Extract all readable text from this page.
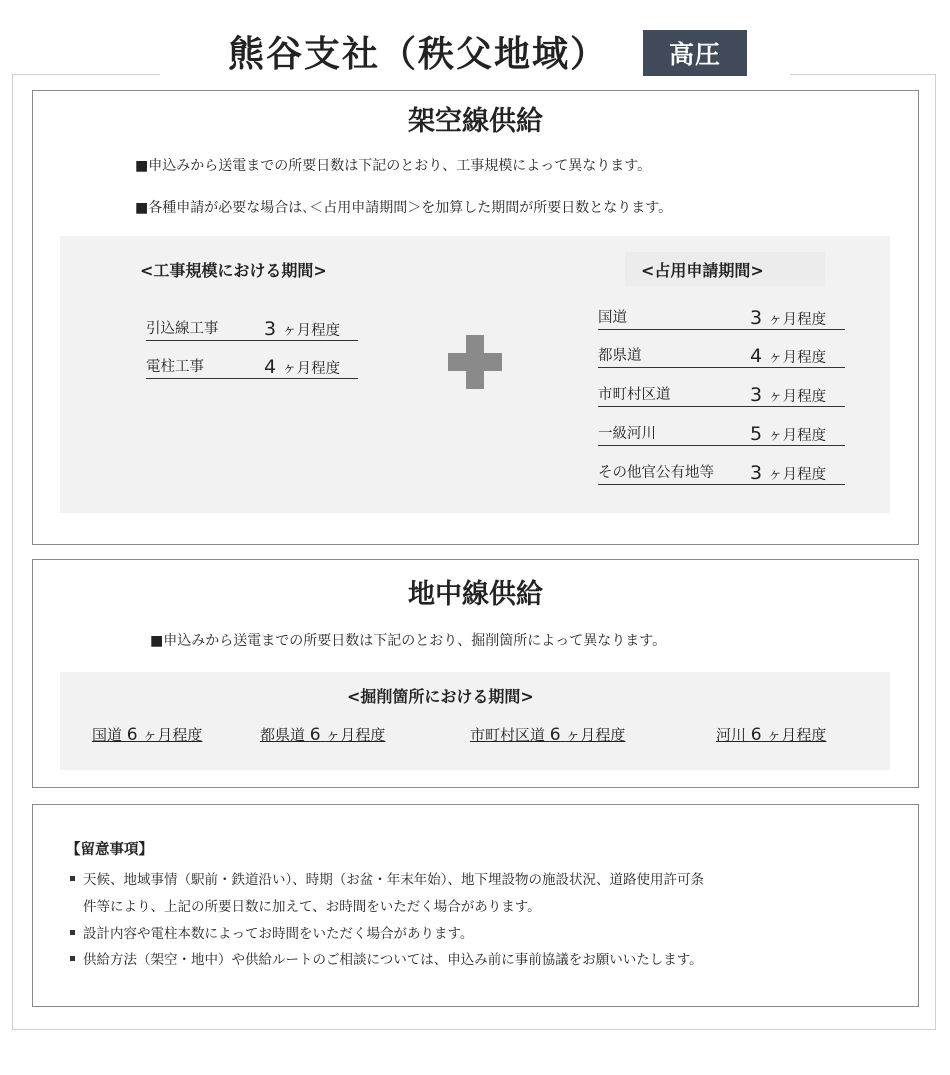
熊谷支社（秩父地域）	高圧
架空線供給
■申込みから送電までの所要日数は下記のとおり、工事規模によって異なります。
■各種申請が必要な場合は､＜占用申請期間＞を加算した期間が所要日数となります。
<工事規模における期間>	<占用申請期間>
引込線工事 3 ヶ月程度
電柱工事	4 ヶ月程度
国道	3 ヶ月程度
都県道	4 ヶ月程度
市町村区道	3 ヶ月程度
一級河川	5 ヶ月程度
その他官公有地等 3 ヶ月程度
地中線供給
■申込みから送電までの所要日数は下記のとおり、掘削箇所によって異なります。
<掘削箇所における期間>
国道 6 ヶ月程度	都県道 6 ヶ月程度	市町村区道 6 ヶ月程度	河川 6 ヶ月程度
【留意事項】
天候、地域事情（駅前・鉄道沿い）、時期（お盆・年末年始）、地下埋設物の施設状況、道路使用許可条
件等により、上記の所要日数に加えて、お時間をいただく場合があります。
設計内容や電柱本数によってお時間をいただく場合があります。
供給方法（架空・地中）や供給ルートのご相談については、申込み前に事前協議をお願いいたします。
